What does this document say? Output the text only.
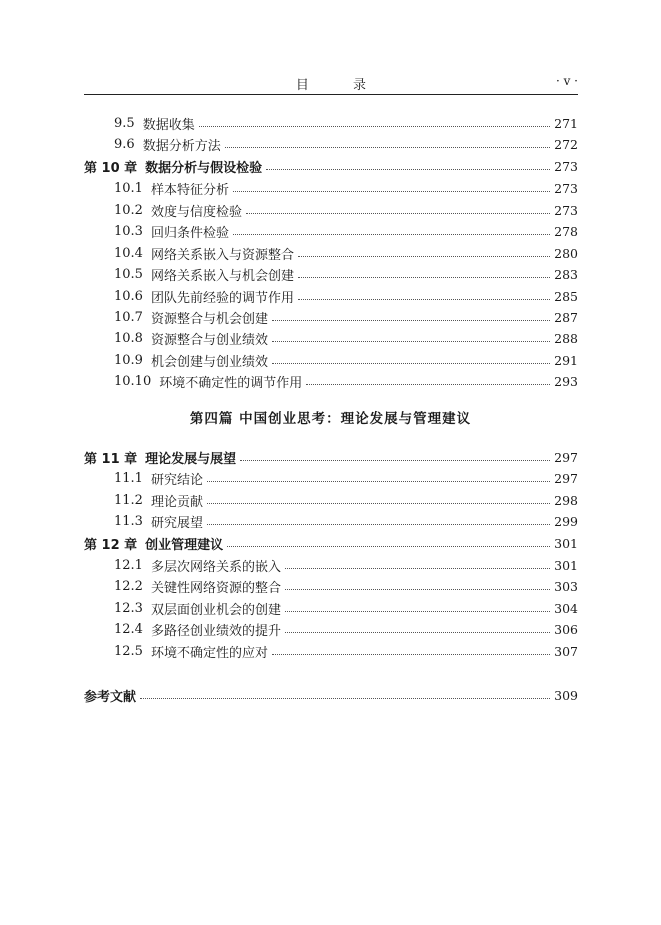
目 录	· v ·
9.5 数据收集	271
9.6 数据分析方法	272
第 10 章 数据分析与假设检验	273
10.1 样本特征分析	273
10.2 效度与信度检验	273
10.3 回归条件检验	278
10.4 网络关系嵌入与资源整合	280
10.5 网络关系嵌入与机会创建	283
10.6 团队先前经验的调节作用	285
10.7 资源整合与机会创建	287
10.8 资源整合与创业绩效	288
10.9 机会创建与创业绩效	291
10.10 环境不确定性的调节作用	293
第四篇 中国创业思考：理论发展与管理建议
第 11 章 理论发展与展望	297
11.1 研究结论	297
11.2 理论贡献	298
11.3 研究展望	299
第 12 章 创业管理建议	301
12.1 多层次网络关系的嵌入	301
12.2 关键性网络资源的整合	303
12.3 双层面创业机会的创建	304
12.4 多路径创业绩效的提升	306
12.5 环境不确定性的应对	307
参考文献	309
